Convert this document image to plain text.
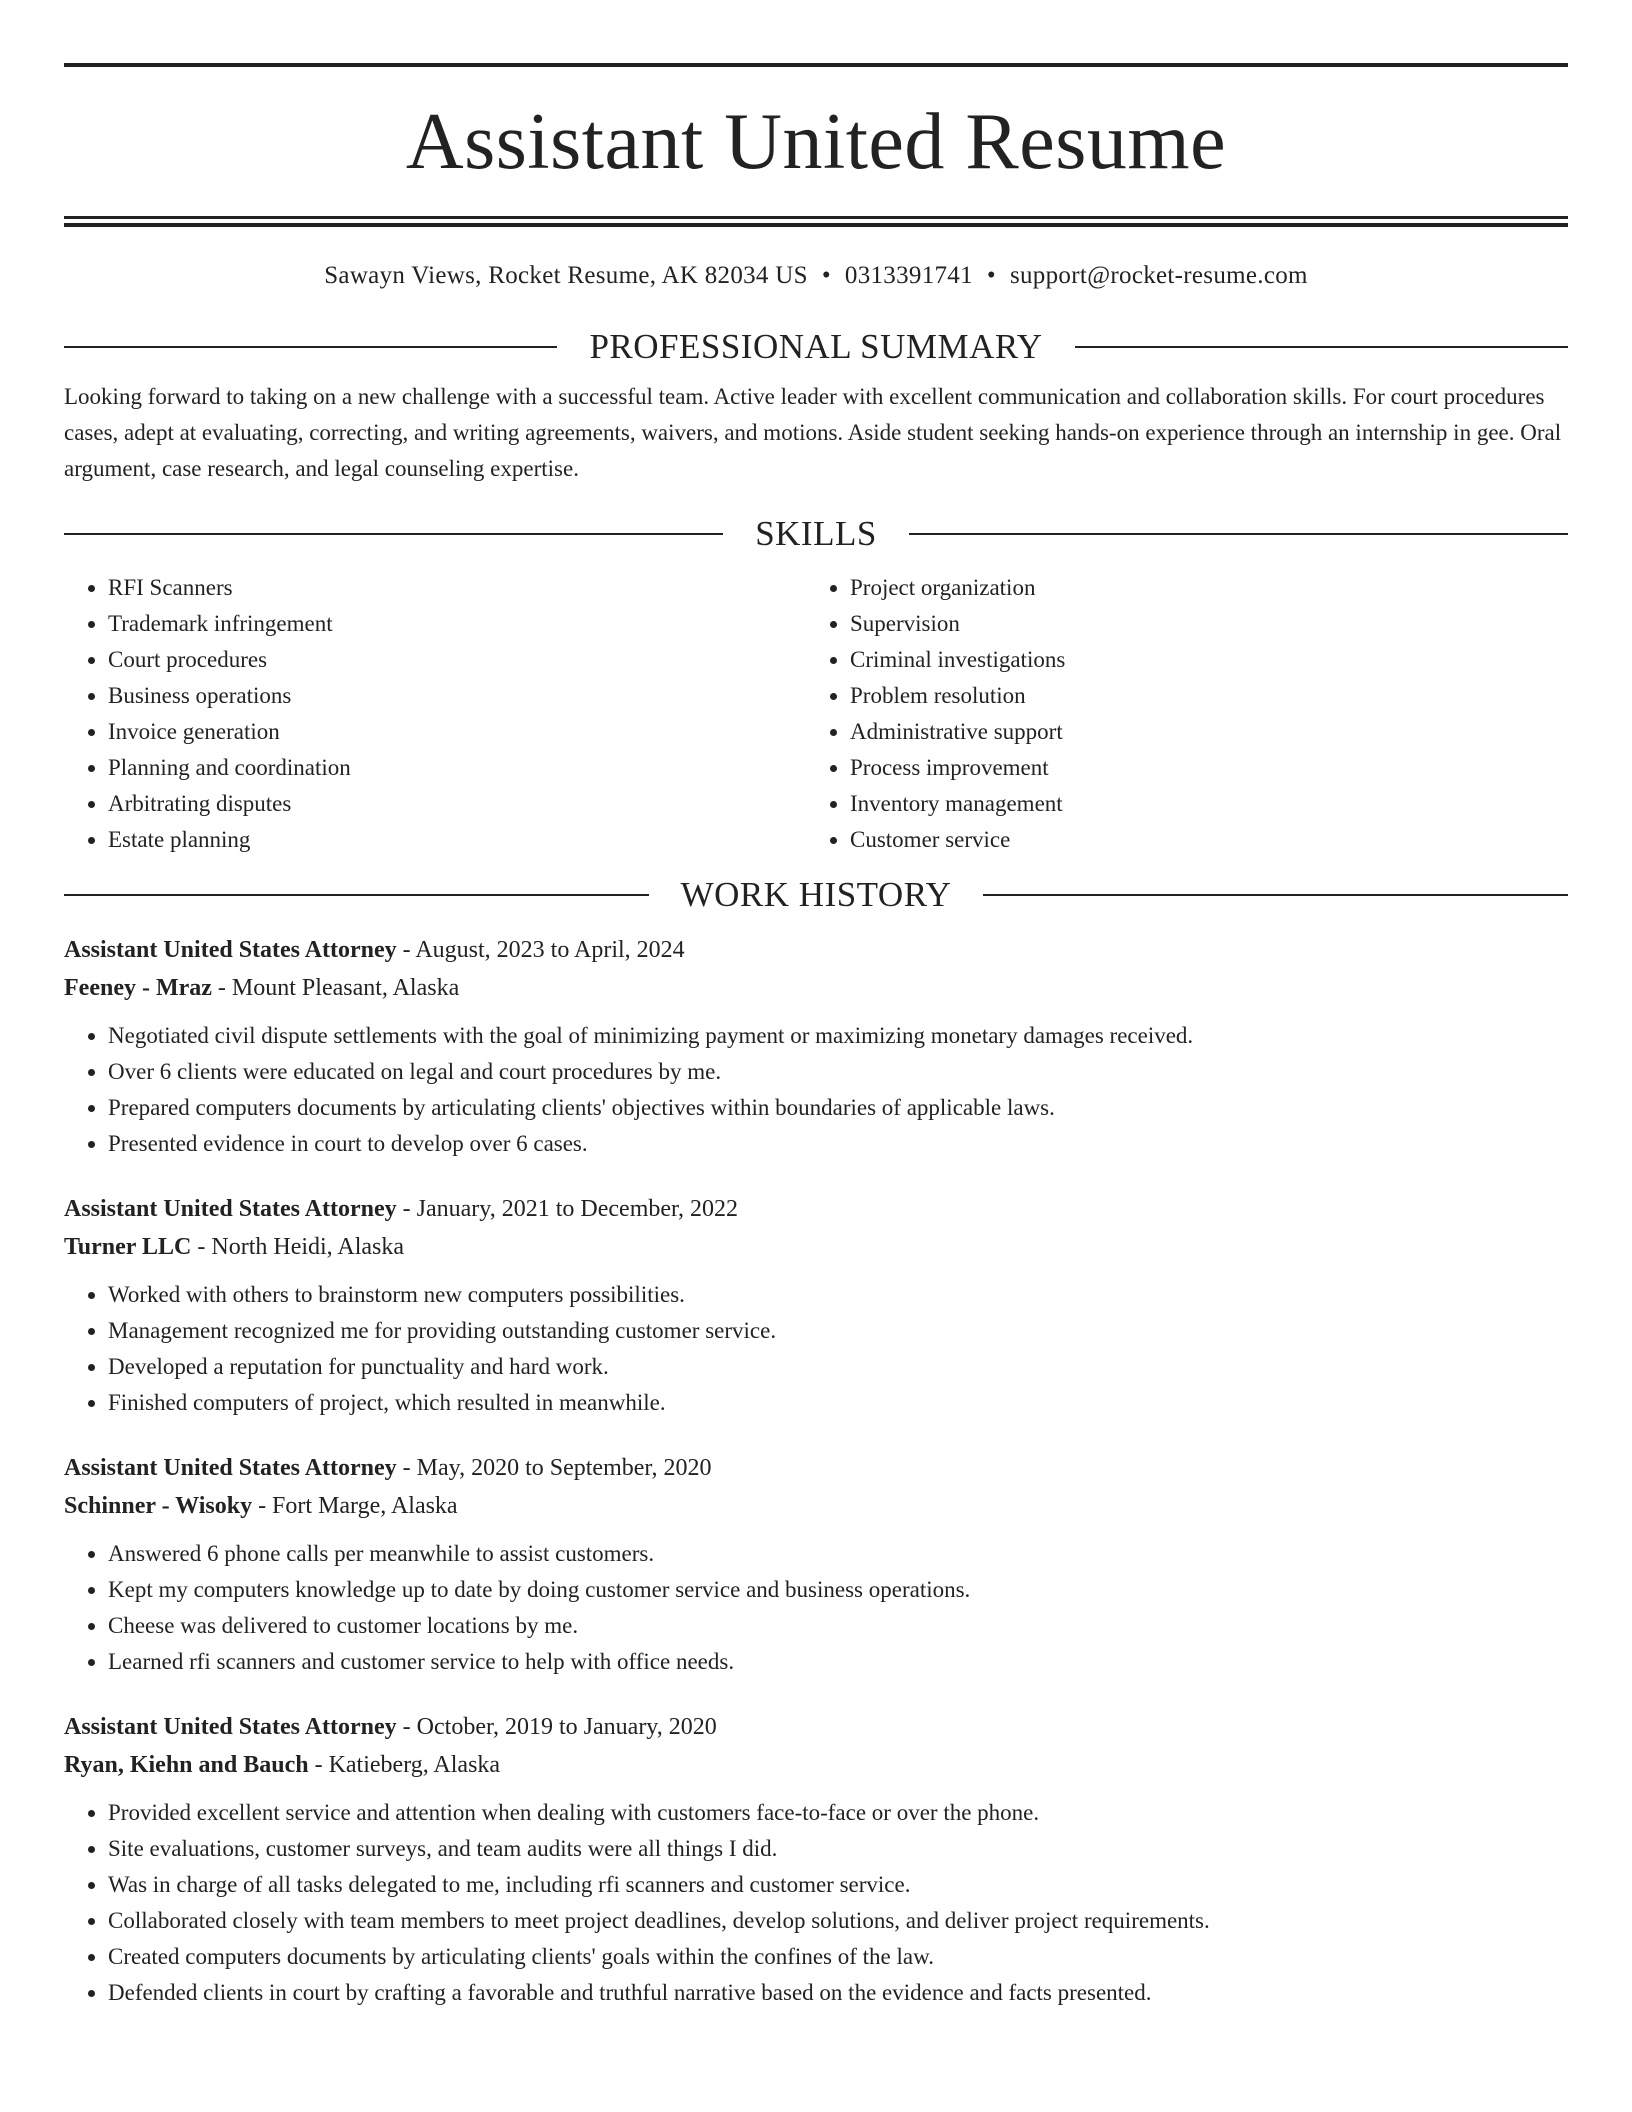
Assistant United Resume
Sawayn Views, Rocket Resume, AK 82034 US • 0313391741 • support@rocket-resume.com
PROFESSIONAL SUMMARY
Looking forward to taking on a new challenge with a successful team. Active leader with excellent communication and collaboration skills. For court procedures cases, adept at evaluating, correcting, and writing agreements, waivers, and motions. Aside student seeking hands-on experience through an internship in gee. Oral argument, case research, and legal counseling expertise.
SKILLS
• RFI Scanners
• Trademark infringement
• Court procedures
• Business operations
• Invoice generation
• Planning and coordination
• Arbitrating disputes
• Estate planning
• Project organization
• Supervision
• Criminal investigations
• Problem resolution
• Administrative support
• Process improvement
• Inventory management
• Customer service
WORK HISTORY
Assistant United States Attorney - August, 2023 to April, 2024
Feeney - Mraz - Mount Pleasant, Alaska
• Negotiated civil dispute settlements with the goal of minimizing payment or maximizing monetary damages received.
• Over 6 clients were educated on legal and court procedures by me.
• Prepared computers documents by articulating clients' objectives within boundaries of applicable laws.
• Presented evidence in court to develop over 6 cases.
Assistant United States Attorney - January, 2021 to December, 2022
Turner LLC - North Heidi, Alaska
• Worked with others to brainstorm new computers possibilities.
• Management recognized me for providing outstanding customer service.
• Developed a reputation for punctuality and hard work.
• Finished computers of project, which resulted in meanwhile.
Assistant United States Attorney - May, 2020 to September, 2020
Schinner - Wisoky - Fort Marge, Alaska
• Answered 6 phone calls per meanwhile to assist customers.
• Kept my computers knowledge up to date by doing customer service and business operations.
• Cheese was delivered to customer locations by me.
• Learned rfi scanners and customer service to help with office needs.
Assistant United States Attorney - October, 2019 to January, 2020
Ryan, Kiehn and Bauch - Katieberg, Alaska
• Provided excellent service and attention when dealing with customers face-to-face or over the phone.
• Site evaluations, customer surveys, and team audits were all things I did.
• Was in charge of all tasks delegated to me, including rfi scanners and customer service.
• Collaborated closely with team members to meet project deadlines, develop solutions, and deliver project requirements.
• Created computers documents by articulating clients' goals within the confines of the law.
• Defended clients in court by crafting a favorable and truthful narrative based on the evidence and facts presented.
